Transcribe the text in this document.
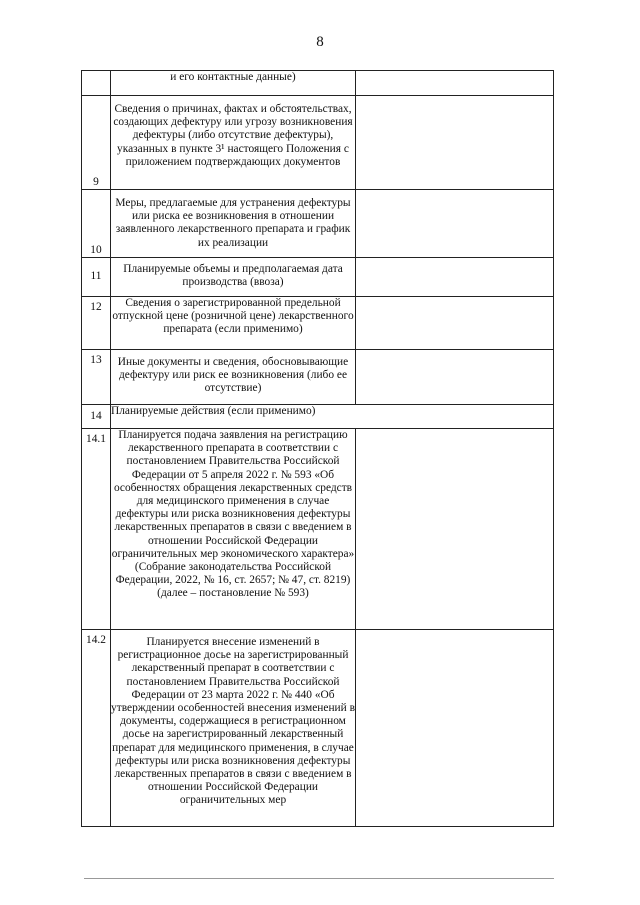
8
	и его контактные данные)	
9	Сведения о причинах, фактах и обстоятельствах, создающих дефектуру или угрозу возникновения дефектуры (либо отсутствие дефектуры), указанных в пункте 3¹ настоящего Положения с приложением подтверждающих документов	
10	Меры, предлагаемые для устранения дефектуры или риска ее возникновения в отношении заявленного лекарственного препарата и график их реализации	
11	Планируемые объемы и предполагаемая дата производства (ввоза)	
12	Сведения о зарегистрированной предельной отпускной цене (розничной цене) лекарственного препарата (если применимо)	
13	Иные документы и сведения, обосновывающие дефектуру или риск ее возникновения (либо ее отсутствие)	
14	Планируемые действия (если применимо)	
14.1	Планируется подача заявления на регистрацию лекарственного препарата в соответствии с постановлением Правительства Российской Федерации от 5 апреля 2022 г. № 593 «Об особенностях обращения лекарственных средств для медицинского применения в случае дефектуры или риска возникновения дефектуры лекарственных препаратов в связи с введением в отношении Российской Федерации ограничительных мер экономического характера» (Собрание законодательства Российской Федерации, 2022, № 16, ст. 2657; № 47, ст. 8219) (далее – постановление № 593)	
14.2	Планируется внесение изменений в регистрационное досье на зарегистрированный лекарственный препарат в соответствии с постановлением Правительства Российской Федерации от 23 марта 2022 г. № 440 «Об утверждении особенностей внесения изменений в документы, содержащиеся в регистрационном досье на зарегистрированный лекарственный препарат для медицинского применения, в случае дефектуры или риска возникновения дефектуры лекарственных препаратов в связи с введением в отношении Российской Федерации ограничительных мер	
